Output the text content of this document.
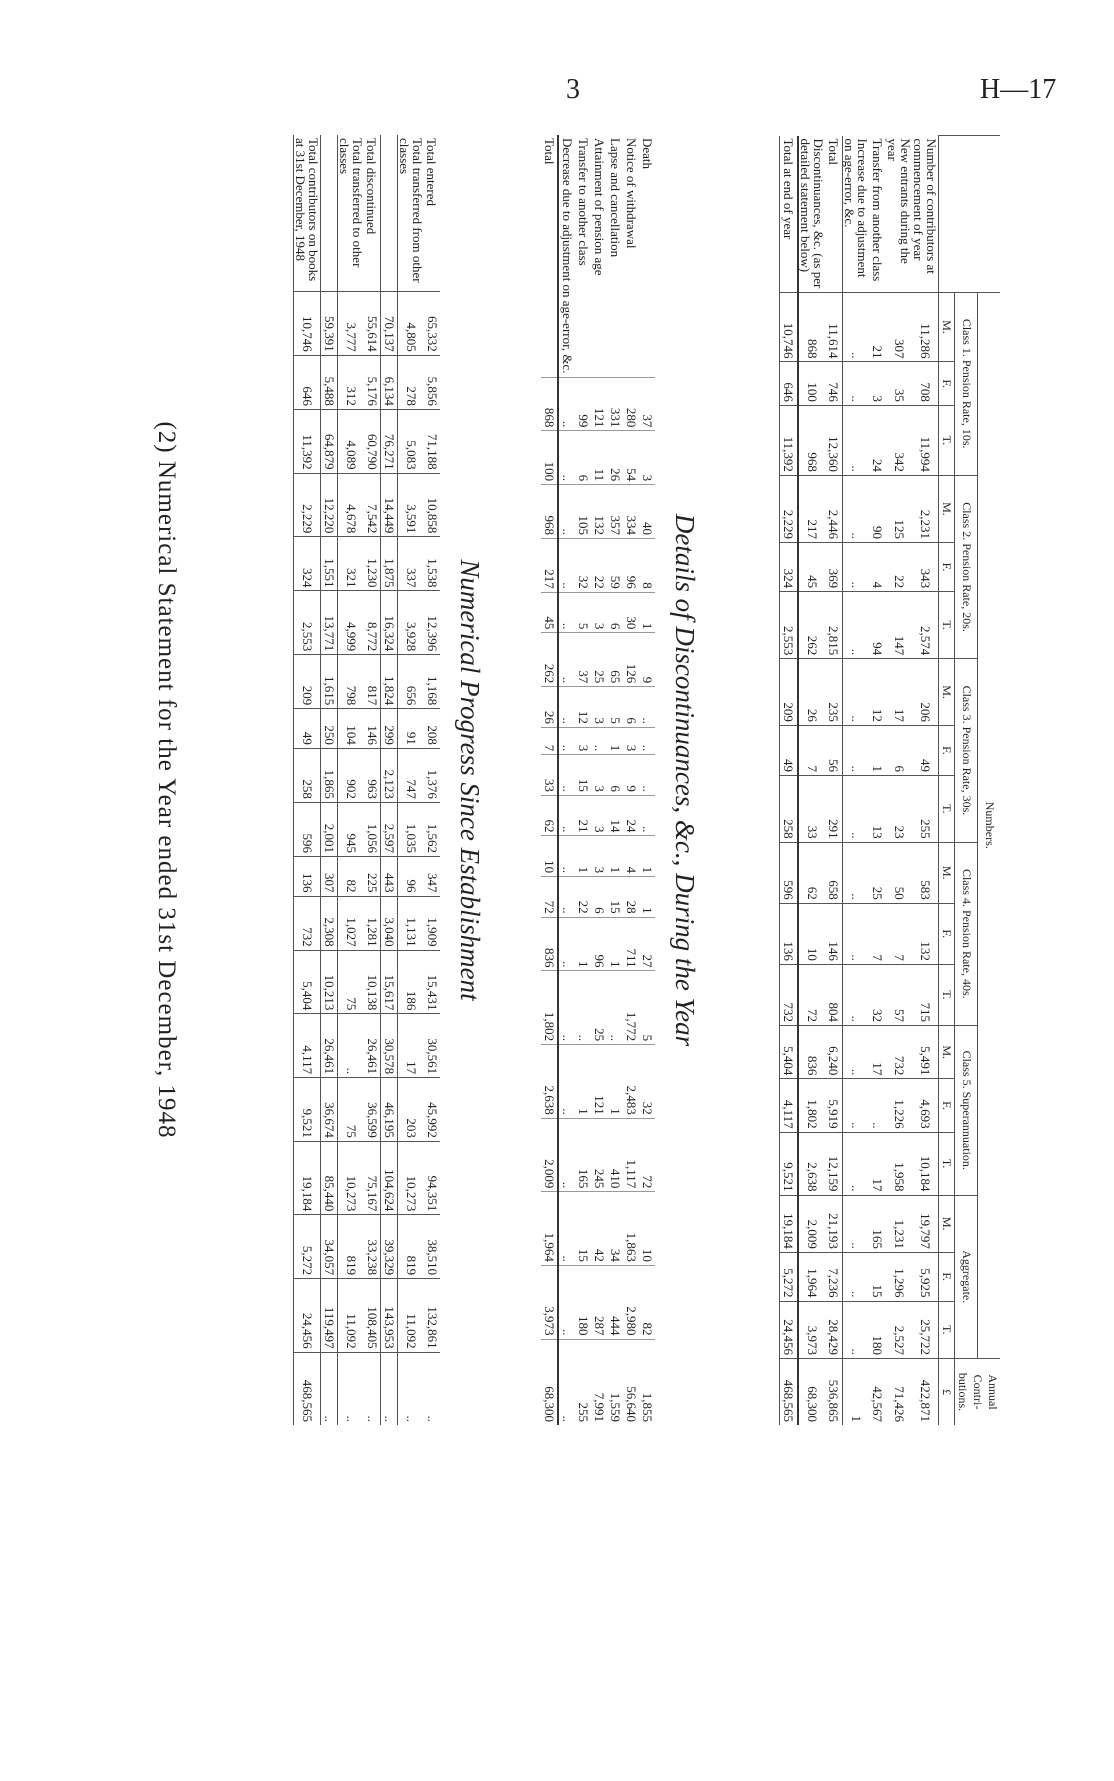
3	H—17
(2) Numerical Statement for the Year ended 31st December, 1948
		Numbers.																		Annual Contri- butions.
	Class 1. Pension Rate, 10s.			Class 2. Pension Rate, 20s.			Class 3. Pension Rate, 30s.			Class 4. Pension Rate, 40s.			Class 5. Superannuation.			Aggregate.			
	M.	F.	T.	M.	F.	T.	M.	F.	T.	M.	F.	T.	M.	F.	T.	M.	F.	T.	£
Number of contributors at commencement of year	11,286	708	11,994	2,231	343	2,574	206	49	255	583	132	715	5,491	4,693	10,184	19,797	5,925	25,722	422,871
New entrants during the year	307	35	342	125	22	147	17	6	23	50	7	57	732	1,226	1,958	1,231	1,296	2,527	71,426
Transfer from another class	21	3	24	90	4	94	12	1	13	25	7	32	17	..	17	165	15	180	42,567
Increase due to adjustment on age-error, &c.	..	..	..	..	..	..	..	..	..	..	..	..	..	..	..	..	..	..	1
Total	11,614	746	12,360	2,446	369	2,815	235	56	291	658	146	804	6,240	5,919	12,159	21,193	7,236	28,429	536,865
Discontinuances, &c. (as per detailed statement below)	868	100	968	217	45	262	26	7	33	62	10	72	836	1,802	2,638	2,009	1,964	3,973	68,300
Total at end of year	10,746	646	11,392	2,229	324	2,553	209	49	258	596	136	732	5,404	4,117	9,521	19,184	5,272	24,456	468,565
Details of Discontinuances, &c., During the Year
Death	37	3	40	8	1	9	..	..	..	..	1	1	27	5	32	72	10	82	1,855
Notice of withdrawal	280	54	334	96	30	126	6	3	9	24	4	28	711	1,772	2,483	1,117	1,863	2,980	56,640
Lapse and cancellation	331	26	357	59	6	65	5	1	6	14	1	15	1	..	1	410	34	444	1,559
Attainment of pension age	121	11	132	22	3	25	3	..	3	3	3	6	96	25	121	245	42	287	7,991
Transfer to another class	99	6	105	32	5	37	12	3	15	21	1	22	1	..	1	165	15	180	255
Decrease due to adjustment on age-error, &c.	..	..	..	..	..	..	..	..	..	..	..	..	..	..	..	..	..	..	..
Total	868	100	968	217	45	262	26	7	33	62	10	72	836	1,802	2,638	2,009	1,964	3,973	68,300
Numerical Progress Since Establishment
Total entered	65,332	5,856	71,188	10,858	1,538	12,396	1,168	208	1,376	1,562	347	1,909	15,431	30,561	45,992	94,351	38,510	132,861	..
Total transferred from other classes	4,805	278	5,083	3,591	337	3,928	656	91	747	1,035	96	1,131	186	17	203	10,273	819	11,092	..
	70,137	6,134	76,271	14,449	1,875	16,324	1,824	299	2,123	2,597	443	3,040	15,617	30,578	46,195	104,624	39,329	143,953	..
Total discontinued	55,614	5,176	60,790	7,542	1,230	8,772	817	146	963	1,056	225	1,281	10,138	26,461	36,599	75,167	33,238	108,405	..
Total transferred to other classes	3,777	312	4,089	4,678	321	4,999	798	104	902	945	82	1,027	75	..	75	10,273	819	11,092	..
	59,391	5,488	64,879	12,220	1,551	13,771	1,615	250	1,865	2,001	307	2,308	10,213	26,461	36,674	85,440	34,057	119,497	..
Total contributors on books at 31st December, 1948	10,746	646	11,392	2,229	324	2,553	209	49	258	596	136	732	5,404	4,117	9,521	19,184	5,272	24,456	468,565
